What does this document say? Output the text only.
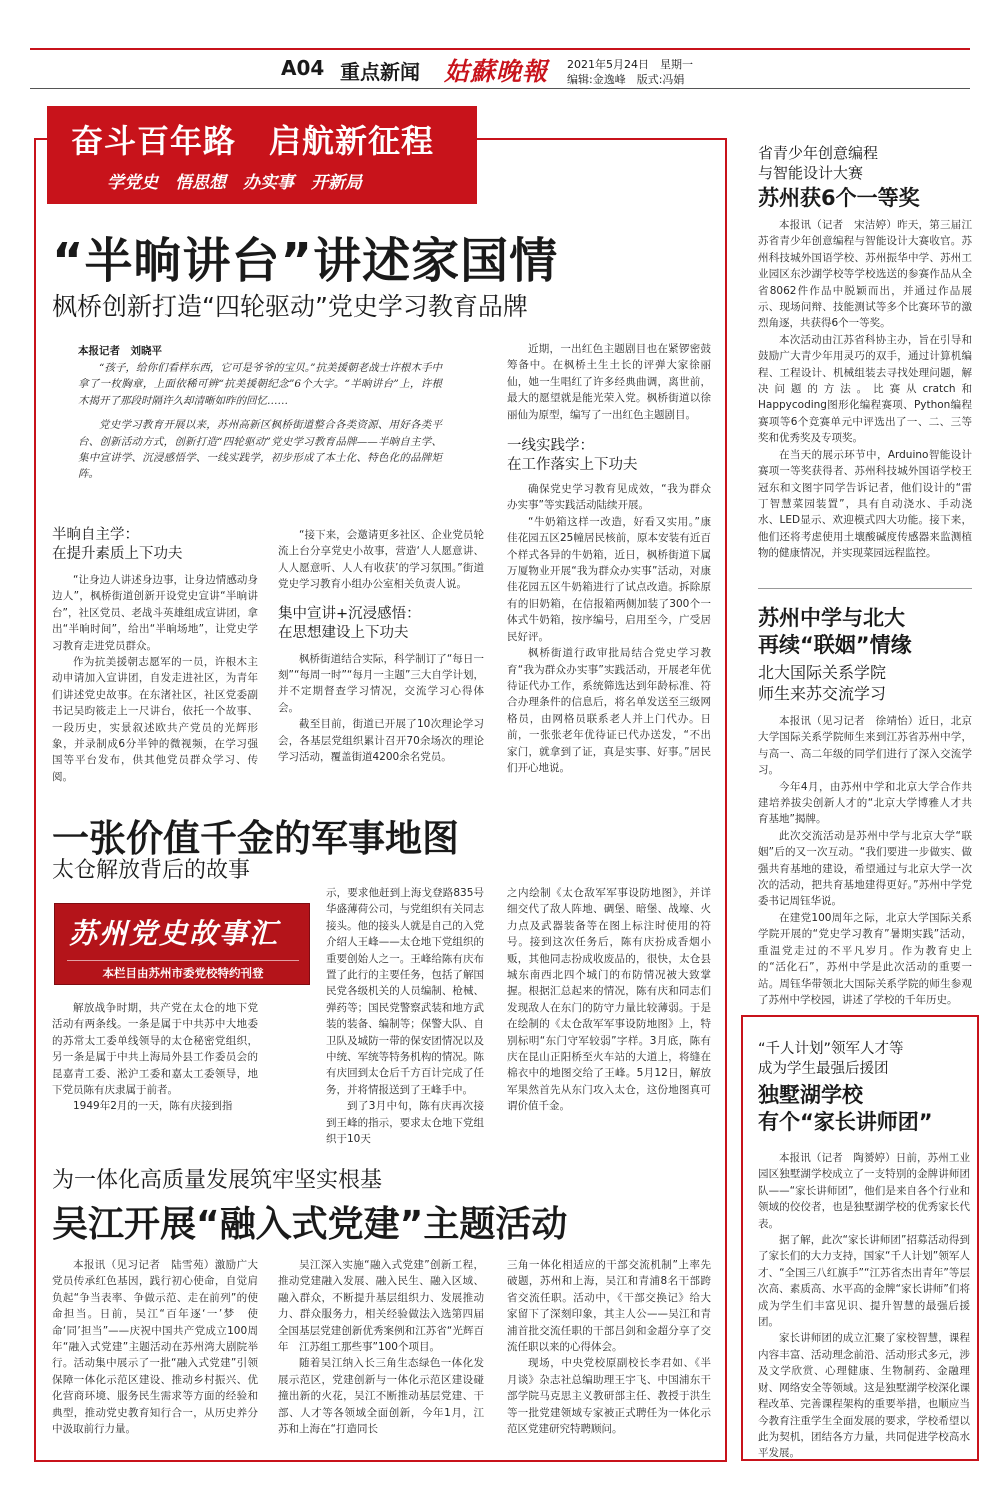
A04 重点新闻 姑蘇晚報 2021年5月24日　星期一
编辑:金逸峰　版式:冯娟
奋斗百年路　启航新征程
学党史　悟思想　办实事　开新局
“半晌讲台”讲述家国情
枫桥创新打造“四轮驱动”党史学习教育品牌
本报记者　刘晓平

“孩子，给你们看样东西，它可是爷爷的宝贝。”抗美援朝老战士许根木手中拿了一枚胸章，上面依稀可辨“抗美援朝纪念”6个大字。“半晌讲台”上，许根木揭开了那段时隔许久却清晰如昨的回忆……

党史学习教育开展以来，苏州高新区枫桥街道整合各类资源、用好各类平台、创新活动方式，创新打造“四轮驱动”党史学习教育品牌——半晌自主学、集中宣讲学、沉浸感悟学、一线实践学，初步形成了本土化、特色化的品牌矩阵。

近期，一出红色主题剧目也在紧锣密鼓筹备中。在枫桥土生土长的评弹大家徐丽仙，她一生唱红了许多经典曲调，离世前，最大的愿望就是能光荣入党。枫桥街道以徐丽仙为原型，编写了一出红色主题剧目。

一线实践学：
在工作落实上下功夫

确保党史学习教育见成效，“我为群众办实事”等实践活动陆续开展。

“牛奶箱这样一改造，好看又实用。”康佳花园五区25幢居民核前，原本安装有近百个样式各异的牛奶箱，近日，枫桥街道下属万厦物业开展“我为群众办实事”活动，对康佳花园五区牛奶箱进行了试点改造。拆除原有的旧奶箱，在信报箱两侧加装了300个一体式牛奶箱，按序编号，启用至今，广受居民好评。

枫桥街道行政审批局结合党史学习教育“我为群众办实事”实践活动，开展老年优待证代办工作，系统筛选达到年龄标准、符合办理条件的信息后，将名单发送至三级网格员，由网格员联系老人并上门代办。日前，一张张老年优待证已代办送发，“不出家门，就拿到了证，真是实事、好事。”居民们开心地说。

半晌自主学：
在提升素质上下功夫

“让身边人讲述身边事，让身边情感动身边人”，枫桥街道创新开设党史宣讲“半晌讲台”，社区党员、老战斗英雄组成宣讲团，拿出“半晌时间”，给出“半晌场地”，让党史学习教育走进党员群众。

作为抗美援朝志愿军的一员，许根木主动申请加入宣讲团，自发走进社区，为青年们讲述党史故事。在东渚社区，社区党委副书记吴昀筱走上一尺讲台，依托一个故事、一段历史，实景叙述欧共产党员的光辉形象，并录制成6分半钟的微视频，在学习强国等平台发布，供其他党员群众学习、传阅。

“接下来，会邀请更多社区、企业党员轮流上台分享党史小故事，营造‘人人愿意讲、人人愿意听、人人有收获’的学习氛围。”街道党史学习教育小组办公室相关负责人说。

集中宣讲+沉浸感悟：
在思想建设上下功夫

枫桥街道结合实际，科学制订了“每日一刻”“每周一时”“每月一主题”三大自学计划，并不定期督查学习情况，交流学习心得体会。

截至目前，街道已开展了10次理论学习会，各基层党组织累计召开70余场次的理论学习活动，覆盖街道4200余名党员。

一张价值千金的军事地图
太仓解放背后的故事
苏州党史故事汇
本栏目由苏州市委党校特约刊登

解放战争时期，共产党在太仓的地下党活动有两条线。一条是属于中共苏中大地委的苏常太工委单线领导的太仓秘密党组织，另一条是属于中共上海局外县工作委员会的昆嘉青工委、淞沪工委和嘉太工委领导，地下党员陈有庆隶属于前者。

1949年2月的一天，陈有庆接到指

示，要求他赶到上海戈登路835号华盛薄荷公司，与党组织有关同志接头。他的接头人就是自己的入党介绍人王峰——太仓地下党组织的重要创始人之一。王峰给陈有庆布置了此行的主要任务，包括了解国民党各级机关的人员编制、枪械、弹药等；国民党警察武装和地方武装的装备、编制等；保警大队、自卫队及城防一带的保安团情况以及中统、军统等特务机构的情况。陈有庆回到太仓后千方百计完成了任务，并将情报送到了王峰手中。

到了3月中旬，陈有庆再次接到王峰的指示，要求太仓地下党组织于10天

之内绘制《太仓敌军军事设防地图》，并详细交代了敌人阵地、碉堡、暗堡、战壕、火力点及武器装备等在图上标注时使用的符号。接到这次任务后，陈有庆扮成香烟小贩，其他同志扮成收废品的，很快，太仓县城东南西北四个城门的布防情况被大致掌握。根据汇总起来的情况，陈有庆和同志们发现敌人在东门的防守力量比较薄弱。于是在绘制的《太仓敌军军事设防地图》上，特别标明“东门守军较弱”字样。3月底，陈有庆在昆山正阳桥至火车站的大道上，将缝在棉衣中的地图交给了王峰。5月12日，解放军果然首先从东门攻入太仓，这份地图真可谓价值千金。

为一体化高质量发展筑牢坚实根基
吴江开展“融入式党建”主题活动

本报讯（见习记者　陆雪苑）激励广大党员传承红色基因，践行初心使命，自觉肩负起“争当表率、争做示范、走在前列”的使命担当。日前，吴江“百年逐‘一’梦　使命‘同’担当”——庆祝中国共产党成立100周年“融入式党建”主题活动在苏州湾大剧院举行。活动集中展示了一批“融入式党建”引领保障一体化示范区建设、推动乡村振兴、优化营商环境、服务民生需求等方面的经验和典型，推动党史教育知行合一，从历史养分中汲取前行力量。

吴江深入实施“融入式党建”创新工程，推动党建融入发展、融入民生、融入区域、融入群众，不断提升基层组织力、发展推动力、群众服务力，相关经验做法入选第四届全国基层党建创新优秀案例和江苏省“光辉百年　江苏组工那些事”100个项目。

随着吴江纳入长三角生态绿色一体化发展示范区，党建创新与一体化示范区建设碰撞出新的火花，吴江不断推动基层党建、干部、人才等各领域全面创新，今年1月，江苏和上海在“打造同长

三角一体化相适应的干部交流机制”上率先破题，苏州和上海，吴江和青浦8名干部跨省交流任职。活动中，《干部交换记》给大家留下了深刻印象，其主人公——吴江和青浦首批交流任职的干部吕剑和金超分享了交流任职以来的心得体会。

现场，中央党校原副校长李君如、《半月谈》杂志社总编助理王宇飞、中国浦东干部学院马克思主义教研部主任、教授于洪生等一批党建领域专家被正式聘任为一体化示范区党建研究特聘顾问。

省青少年创意编程
与智能设计大赛
苏州获6个一等奖

本报讯（记者　宋洁婷）昨天，第三届江苏省青少年创意编程与智能设计大赛收官。苏州科技城外国语学校、苏州振华中学、苏州工业园区东沙湖学校等学校选送的参赛作品从全省8062件作品中脱颖而出，并通过作品展示、现场问辩、技能测试等多个比赛环节的激烈角逐，共获得6个一等奖。

本次活动由江苏省科协主办，旨在引导和鼓励广大青少年用灵巧的双手，通过计算机编程、工程设计、机械组装去寻找处理问题，解决问题的方法。比赛从cratch和Happycoding图形化编程赛项、Python编程赛项等6个竞赛单元中评选出了一、二、三等奖和优秀奖及专项奖。

在当天的展示环节中，Arduino智能设计赛项一等奖获得者、苏州科技城外国语学校王冠东和文图宇同学告诉记者，他们设计的“雷丁智慧菜园装置”，具有自动浇水、手动浇水、LED显示、欢迎模式四大功能。接下来，他们还将考虑使用土壤酸碱度传感器来监测植物的健康情况，并实现菜园远程监控。

苏州中学与北大
再续“联姻”情缘
北大国际关系学院
师生来苏交流学习

本报讯（见习记者　徐靖怡）近日，北京大学国际关系学院师生来到江苏省苏州中学，与高一、高二年级的同学们进行了深入交流学习。

今年4月，由苏州中学和北京大学合作共建培养拔尖创新人才的“北京大学博雅人才共育基地”揭牌。

此次交流活动是苏州中学与北京大学“联姻”后的又一次互动。“我们要进一步做实、做强共育基地的建设，希望通过与北京大学一次次的活动，把共育基地建得更好。”苏州中学党委书记周钰华说。

在建党100周年之际，北京大学国际关系学院开展的“党史学习教育”暑期实践”活动，重温党走过的不平凡岁月。作为教育史上的“活化石”，苏州中学是此次活动的重要一站。周钰华带领北大国际关系学院的师生参观了苏州中学校园，讲述了学校的千年历史。

“千人计划”领军人才等
成为学生最强后援团
独墅湖学校
有个“家长讲师团”

本报讯（记者　陶赟婷）日前，苏州工业园区独墅湖学校成立了一支特别的金牌讲师团队——“家长讲师团”，他们是来自各个行业和领域的佼佼者，也是独墅湖学校的优秀家长代表。

据了解，此次“家长讲师团”招募活动得到了家长们的大力支持，国家“千人计划”领军人才、“全国三八红旗手”“江苏省杰出青年”等层次高、素质高、水平高的金牌“家长讲师”们将成为学生们丰富见识、提升智慧的最强后援团。

家长讲师团的成立汇聚了家校智慧，课程内容丰富、活动理念前沿、活动形式多元，涉及文学欣赏、心理健康、生物制药、金融理财、网络安全等领域。这是独墅湖学校深化课程改革、完善课程架构的重要举措，也顺应当今教育注重学生全面发展的要求，学校希望以此为契机，团结各方力量，共同促进学校高水平发展。
